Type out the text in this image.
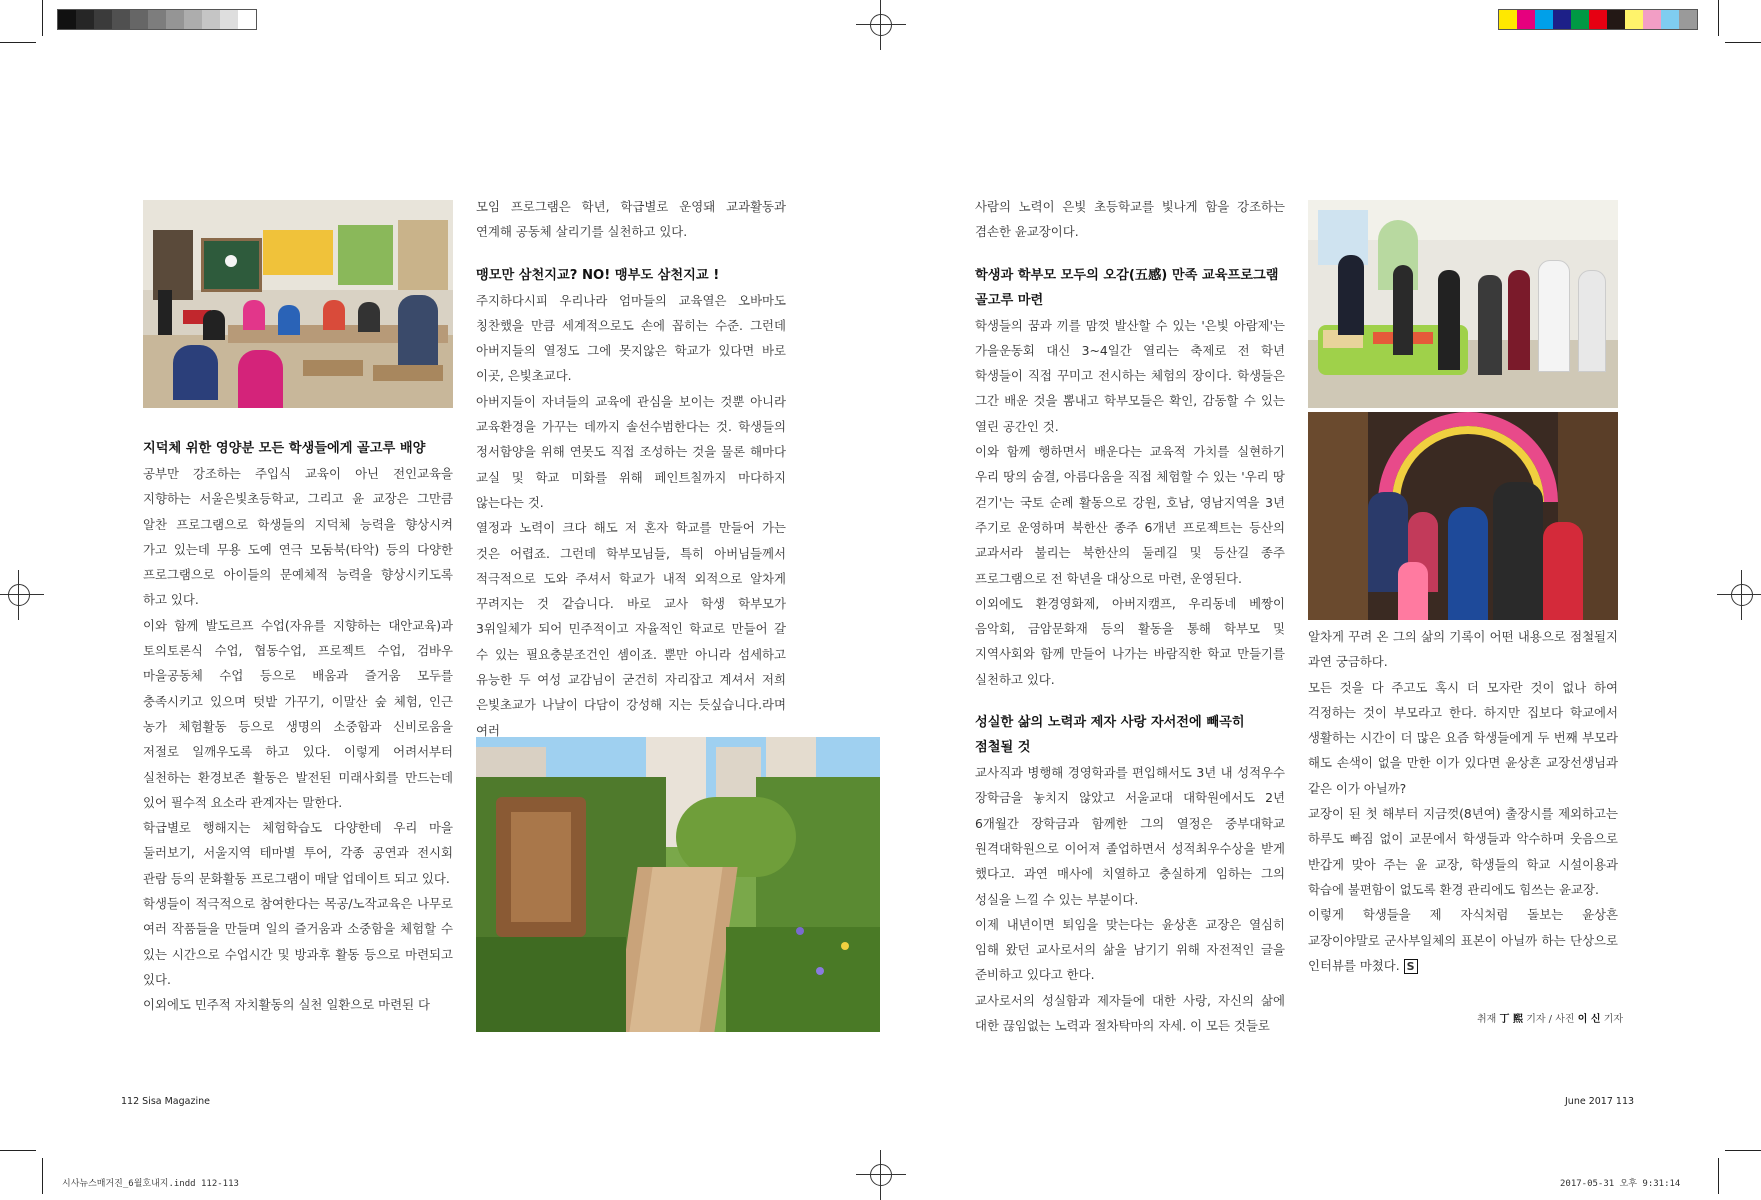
지덕체 위한 영양분 모든 학생들에게 골고루 배양

공부만 강조하는 주입식 교육이 아닌 전인교육을 지향하는 서울은빛초등학교, 그리고 윤 교장은 그만큼 알찬 프로그램으로 학생들의 지덕체 능력을 향상시켜 가고 있는데 무용 도예 연극 모둠북(타악) 등의 다양한 프로그램으로 아이들의 문예체적 능력을 향상시키도록 하고 있다.

이와 함께 발도르프 수업(자유를 지향하는 대안교육)과 토의토론식 수업, 협동수업, 프로젝트 수업, 검바우 마을공동체 수업 등으로 배움과 즐거움 모두를 충족시키고 있으며 텃밭 가꾸기, 이말산 숲 체험, 인근 농가 체험활동 등으로 생명의 소중함과 신비로움을 저절로 일깨우도록 하고 있다. 이렇게 어려서부터 실천하는 환경보존 활동은 발전된 미래사회를 만드는데 있어 필수적 요소라 관계자는 말한다.

학급별로 행해지는 체험학습도 다양한데 우리 마을 둘러보기, 서울지역 테마별 투어, 각종 공연과 전시회 관람 등의 문화활동 프로그램이 매달 업데이트 되고 있다.

학생들이 적극적으로 참여한다는 목공/노작교육은 나무로 여러 작품들을 만들며 일의 즐거움과 소중함을 체험할 수 있는 시간으로 수업시간 및 방과후 활동 등으로 마련되고 있다.

이외에도 민주적 자치활동의 실천 일환으로 마련된 다

모임 프로그램은 학년, 학급별로 운영돼 교과활동과 연계해 공동체 살리기를 실천하고 있다.

맹모만 삼천지교? NO! 맹부도 삼천지교 !

주지하다시피 우리나라 엄마들의 교육열은 오바마도 칭찬했을 만큼 세계적으로도 손에 꼽히는 수준. 그런데 아버지들의 열정도 그에 못지않은 학교가 있다면 바로 이곳, 은빛초교다.

아버지들이 자녀들의 교육에 관심을 보이는 것뿐 아니라 교육환경을 가꾸는 데까지 솔선수범한다는 것. 학생들의 정서함양을 위해 연못도 직접 조성하는 것을 물론 해마다 교실 및 학교 미화를 위해 페인트칠까지 마다하지 않는다는 것.

열정과 노력이 크다 해도 저 혼자 학교를 만들어 가는 것은 어렵죠. 그런데 학부모님들, 특히 아버님들께서 적극적으로 도와 주셔서 학교가 내적 외적으로 알차게 꾸려지는 것 같습니다. 바로 교사 학생 학부모가 3위일체가 되어 민주적이고 자율적인 학교로 만들어 갈 수 있는 필요충분조건인 셈이죠. 뿐만 아니라 섬세하고 유능한 두 여성 교감님이 굳건히 자리잡고 계셔서 저희 은빛초교가 나날이 다담이 강성해 지는 듯싶습니다.라며 여러

사람의 노력이 은빛 초등학교를 빛나게 함을 강조하는 겸손한 윤교장이다.

학생과 학부모 모두의 오감(五感) 만족 교육프로그램 골고루 마련

학생들의 꿈과 끼를 맘껏 발산할 수 있는 '은빛 아람제'는 가을운동회 대신 3~4일간 열리는 축제로 전 학년 학생들이 직접 꾸미고 전시하는 체험의 장이다. 학생들은 그간 배운 것을 뽐내고 학부모들은 확인, 감동할 수 있는 열린 공간인 것.

이와 함께 행하면서 배운다는 교육적 가치를 실현하기 우리 땅의 숨결, 아름다움을 직접 체험할 수 있는 '우리 땅 걷기'는 국토 순례 활동으로 강원, 호남, 영남지역을 3년 주기로 운영하며 북한산 종주 6개년 프로젝트는 등산의 교과서라 불리는 북한산의 둘레길 및 등산길 종주 프로그램으로 전 학년을 대상으로 마련, 운영된다.

이외에도 환경영화제, 아버지캠프, 우리동네 베짱이 음악회, 금암문화재 등의 활동을 통해 학부모 및 지역사회와 함께 만들어 나가는 바람직한 학교 만들기를 실천하고 있다.

성실한 삶의 노력과 제자 사랑 자서전에 빼곡히 점철될 것

교사직과 병행해 경영학과를 편입해서도 3년 내 성적우수 장학금을 놓치지 않았고 서울교대 대학원에서도 2년 6개월간 장학금과 함께한 그의 열정은 중부대학교 원격대학원으로 이어져 졸업하면서 성적최우수상을 받게 했다고. 과연 매사에 치열하고 충실하게 임하는 그의 성실을 느낄 수 있는 부분이다.

이제 내년이면 퇴임을 맞는다는 윤상흔 교장은 열심히 임해 왔던 교사로서의 삶을 남기기 위해 자전적인 글을 준비하고 있다고 한다.

교사로서의 성실함과 제자들에 대한 사랑, 자신의 삶에 대한 끊임없는 노력과 절차탁마의 자세. 이 모든 것들로

알차게 꾸려 온 그의 삶의 기록이 어떤 내용으로 점철될지 과연 궁금하다.

모든 것을 다 주고도 혹시 더 모자란 것이 없나 하여 걱정하는 것이 부모라고 한다. 하지만 집보다 학교에서 생활하는 시간이 더 많은 요즘 학생들에게 두 번째 부모라 해도 손색이 없을 만한 이가 있다면 윤상흔 교장선생님과 같은 이가 아닐까?

교장이 된 첫 해부터 지금껏(8년여) 출장시를 제외하고는 하루도 빠짐 없이 교문에서 학생들과 악수하며 웃음으로 반갑게 맞아 주는 윤 교장, 학생들의 학교 시설이용과 학습에 불편함이 없도록 환경 관리에도 힘쓰는 윤교장.

이렇게 학생들을 제 자식처럼 돌보는 윤상흔 교장이야말로 군사부일체의 표본이 아닐까 하는 단상으로 인터뷰를 마쳤다. S

취재 丁 熙 기자 / 사진 이 신 기자
112 Sisa Magazine	June 2017 113
시사뉴스매거진_6월호내지.indd 112-113	2017-05-31 오후 9:31:14
